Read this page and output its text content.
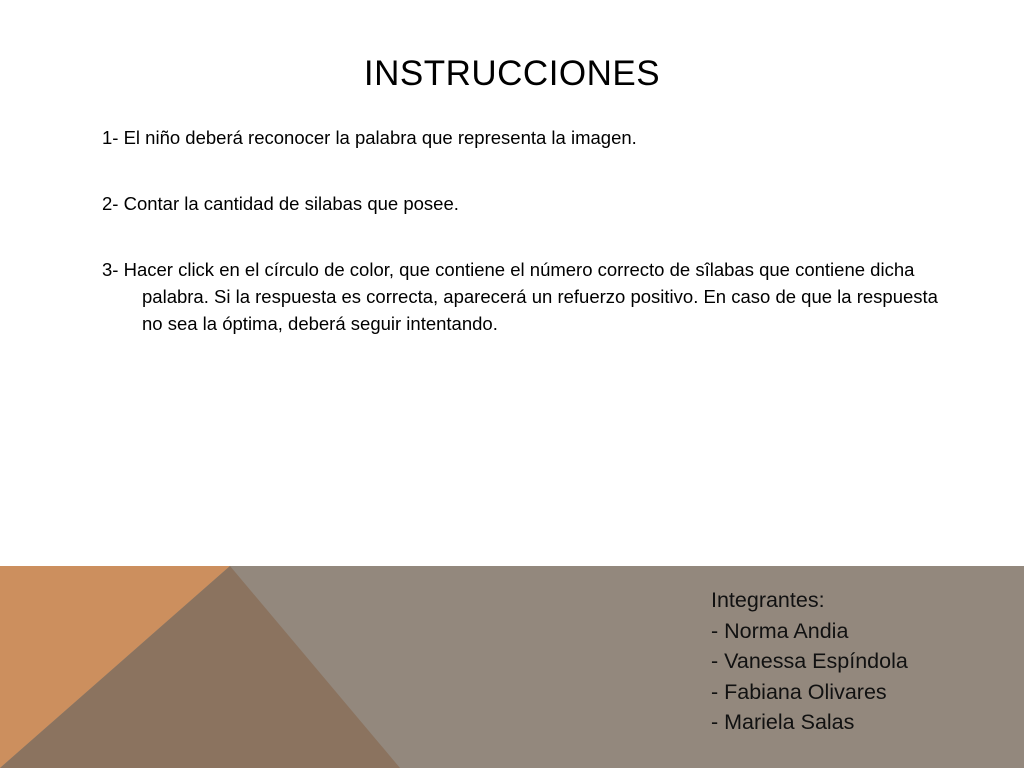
INSTRUCCIONES
1- El niño deberá reconocer la palabra que representa la imagen.
2- Contar la cantidad de silabas que posee.
3- Hacer click en el círculo de color, que contiene el número correcto de sîlabas que contiene dicha palabra. Si la respuesta es correcta, aparecerá un refuerzo positivo. En caso de que la respuesta no sea la óptima, deberá seguir intentando.
Integrantes:
- Norma Andia
- Vanessa Espíndola
- Fabiana Olivares
- Mariela Salas
